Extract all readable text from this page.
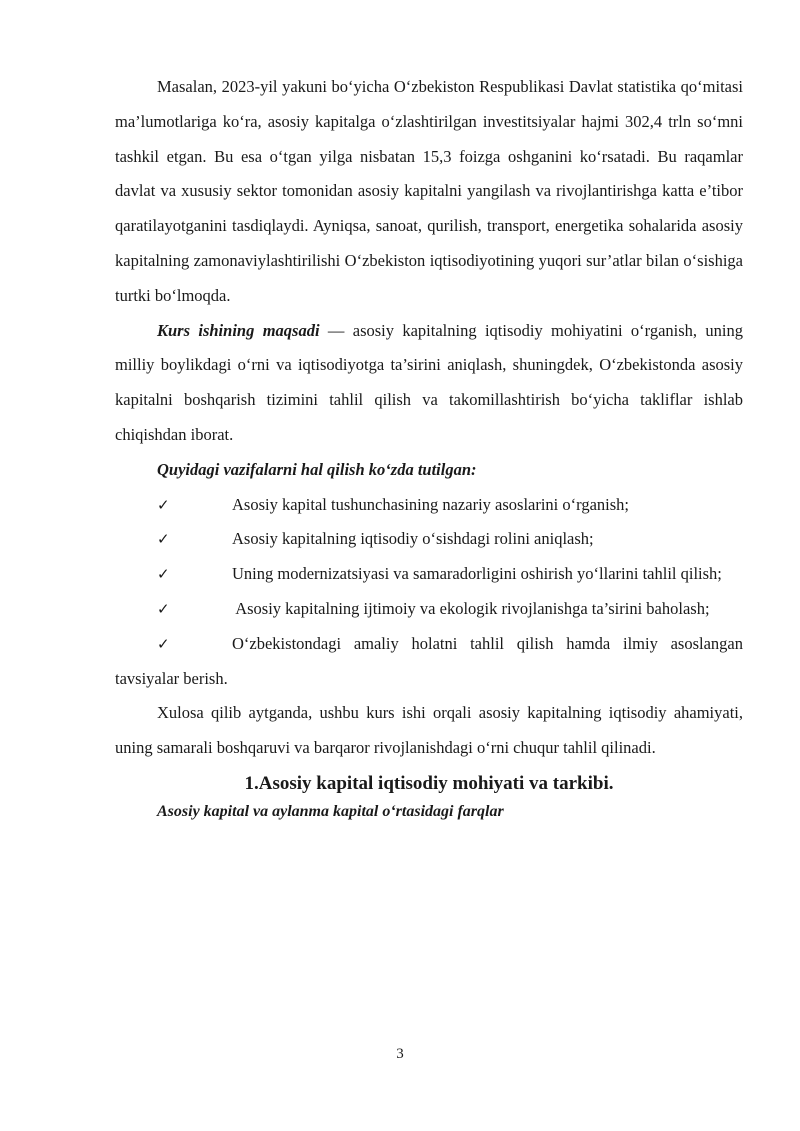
Masalan, 2023-yil yakuni bo‘yicha O‘zbekiston Respublikasi Davlat statistika qo‘mitasi ma’lumotlariga ko‘ra, asosiy kapitalga o‘zlashtirilgan investitsiyalar hajmi 302,4 trln so‘mni tashkil etgan. Bu esa o‘tgan yilga nisbatan 15,3 foizga oshganini ko‘rsatadi. Bu raqamlar davlat va xususiy sektor tomonidan asosiy kapitalni yangilash va rivojlantirishga katta e’tibor qaratilayotganini tasdiqlaydi. Ayniqsa, sanoat, qurilish, transport, energetika sohalarida asosiy kapitalning zamonaviylashtirilishi O‘zbekiston iqtisodiyotining yuqori sur’atlar bilan o‘sishiga turtki bo‘lmoqda.

Kurs ishining maqsadi — asosiy kapitalning iqtisodiy mohiyatini o‘rganish, uning milliy boylikdagi o‘rni va iqtisodiyotga ta’sirini aniqlash, shuningdek, O‘zbekistonda asosiy kapitalni boshqarish tizimini tahlil qilish va takomillashtirish bo‘yicha takliflar ishlab chiqishdan iborat.

Quyidagi vazifalarni hal qilish ko‘zda tutilgan:

✓	Asosiy kapital tushunchasining nazariy asoslarini o‘rganish;

✓	Asosiy kapitalning iqtisodiy o‘sishdagi rolini aniqlash;

✓	Uning modernizatsiyasi va samaradorligini oshirish yo‘llarini tahlil qilish;

✓	Asosiy kapitalning ijtimoiy va ekologik rivojlanishga ta’sirini baholash;

✓	O‘zbekistondagi amaliy holatni tahlil qilish hamda ilmiy asoslangan tavsiyalar berish.

Xulosa qilib aytganda, ushbu kurs ishi orqali asosiy kapitalning iqtisodiy ahamiyati, uning samarali boshqaruvi va barqaror rivojlanishdagi o‘rni chuqur tahlil qilinadi.

1.Asosiy kapital iqtisodiy mohiyati va tarkibi.

Asosiy kapital va aylanma kapital o‘rtasidagi farqlar

3
